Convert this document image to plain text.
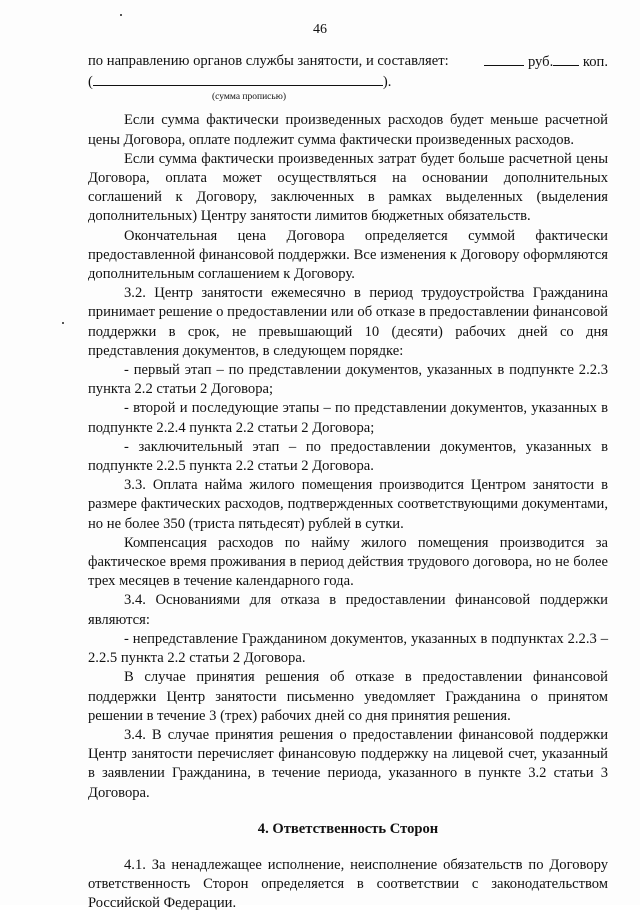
46
по направлению органов службы занятости, и составляет:	руб. коп.
(	).
(сумма прописью)

Если сумма фактически произведенных расходов будет меньше расчетной цены Договора, оплате подлежит сумма фактически произведенных расходов.

Если сумма фактически произведенных затрат будет больше расчетной цены Договора, оплата может осуществляться на основании дополнительных соглашений к Договору, заключенных в рамках выделенных (выделения дополнительных) Центру занятости лимитов бюджетных обязательств.

Окончательная цена Договора определяется суммой фактически предоставленной финансовой поддержки. Все изменения к Договору оформляются дополнительным соглашением к Договору.

3.2. Центр занятости ежемесячно в период трудоустройства Гражданина принимает решение о предоставлении или об отказе в предоставлении финансовой поддержки в срок, не превышающий 10 (десяти) рабочих дней со дня представления документов, в следующем порядке:

- первый этап – по представлении документов, указанных в подпункте 2.2.3 пункта 2.2 статьи 2 Договора;

- второй и последующие этапы – по представлении документов, указанных в подпункте 2.2.4 пункта 2.2 статьи 2 Договора;

- заключительный этап – по предоставлении документов, указанных в подпункте 2.2.5 пункта 2.2 статьи 2 Договора.

3.3. Оплата найма жилого помещения производится Центром занятости в размере фактических расходов, подтвержденных соответствующими документами, но не более 350 (триста пятьдесят) рублей в сутки.

Компенсация расходов по найму жилого помещения производится за фактическое время проживания в период действия трудового договора, но не более трех месяцев в течение календарного года.

3.4. Основаниями для отказа в предоставлении финансовой поддержки являются:

- непредставление Гражданином документов, указанных в подпунктах 2.2.3 – 2.2.5 пункта 2.2 статьи 2 Договора.

В случае принятия решения об отказе в предоставлении финансовой поддержки Центр занятости письменно уведомляет Гражданина о принятом решении в течение 3 (трех) рабочих дней со дня принятия решения.

3.4. В случае принятия решения о предоставлении финансовой поддержки Центр занятости перечисляет финансовую поддержку на лицевой счет, указанный в заявлении Гражданина, в течение периода, указанного в пункте 3.2 статьи 3 Договора.

4. Ответственность Сторон

4.1. За ненадлежащее исполнение, неисполнение обязательств по Договору ответственность Сторон определяется в соответствии с законодательством Российской Федерации.
